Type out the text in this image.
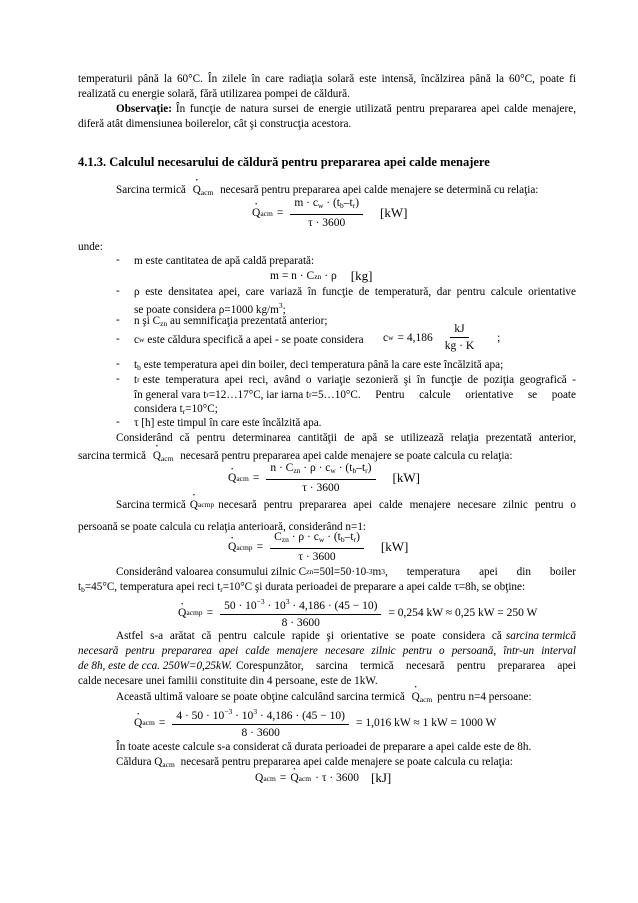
temperaturii până la 60°C. În zilele în care radiaţia solară este intensă, încălzirea până la 60°C, poate fi
realizată cu energie solară, fără utilizarea pompei de căldură.
Observaţie: În funcţie de natura sursei de energie utilizată pentru prepararea apei calde menajere,
diferă atât dimensiunea boilerelor, cât şi construcţia acestora.
4.1.3. Calculul necesarului de căldură pentru prepararea apei calde menajere
Sarcina termică · $Q_{acm}$ necesară pentru prepararea apei calde menajere se determină cu relaţia:
· Q acm = $\frac{m \cdot c_w \cdot (t_b-t_r)}{\tau \cdot 3600} [kW]$
unde:
- m este cantitatea de apă caldă preparată:
m = n · C zn · ρ [kg]
- ρ este densitatea apei, care variază în funcţie de temperatură, dar pentru calcule orientative
se poate considera ρ=1000 $kg/m^3$;
- n şi $C_{zn}$ au semnificaţia prezentată anterior;
- c w este căldura specifică a apei - se poate considera c $w = 4,186 \frac{kJ}{kg \cdot K}$ ;
- $t_b$ este temperatura apei din boiler, deci temperatura până la care este încălzită apa;
- t r este temperatura apei reci, având o variaţie sezonieră şi în funcţie de poziţia geografică -
în general vara t r =12…17°C, iar iarna t r =5…10°C. Pentru calcule orientative se poate
considera $t_r=10^\circ C$;
- τ [h] este timpul în care este încălzită apa.
Considerând că pentru determinarea cantităţii de apă se utilizează relaţia prezentată anterior,
sarcina termică · $Q_{acm}$ necesară pentru prepararea apei calde menajere se poate calcula cu relaţia:
· Q acm = $\frac{n \cdot C_{zn} \cdot \rho \cdot c_w \cdot (t_b-t_r)}{\tau \cdot 3600} [kW]$
Sarcina termică · Q acmp necesară pentru prepararea apei calde menajere necesare zilnic pentru o
persoană se poate calcula cu relaţia anterioară, considerând n=1:
· Q acmp = $\frac{C_{zn} \cdot \rho \cdot c_w \cdot (t_b-t_r)}{\tau \cdot 3600} [kW]$
Considerând valoarea consumului zilnic C zn =50l=50·10 -3 m 3 , temperatura apei din boiler
$t_b=45^\circ C$, temperatura apei reci $t_r=10^\circ C$ şi durata perioadei de preparare a apei calde τ=8h, se obţine:
· Q acmp = $\frac{50 \cdot 10^{-3} \cdot 10^3 \cdot 4,186 \cdot (45 - 10)}{8 \cdot 3600} = 0,254$ kW ≈ 0,25 kW = 250 W
Astfel s-a arătat că pentru calcule rapide şi orientative se poate considera că sarcina termică
necesară pentru prepararea apei calde menajere necesare zilnic pentru o persoană, într-un interval
de 8h, este de cca. 250W=0,25kW. Corespunzător, sarcina termică necesară pentru prepararea apei
calde necesare unei familii constituite din 4 persoane, este de 1kW.
Această ultimă valoare se poate obţine calculând sarcina termică · $Q_{acm}$ pentru n=4 persoane:
· Q acm = $\frac{4 \cdot 50 \cdot 10^{-3} \cdot 10^3 \cdot 4,186 \cdot (45 - 10)}{8 \cdot 3600} = 1,016$ kW ≈ 1 kW = 1000 W
În toate aceste calcule s-a considerat că durata perioadei de preparare a apei calde este de 8h.
Căldura $Q_{acm}$ necesară pentru prepararea apei calde menajere se poate calcula cu relaţia:
Q acm = · Q acm · τ · 3600 [kJ]
